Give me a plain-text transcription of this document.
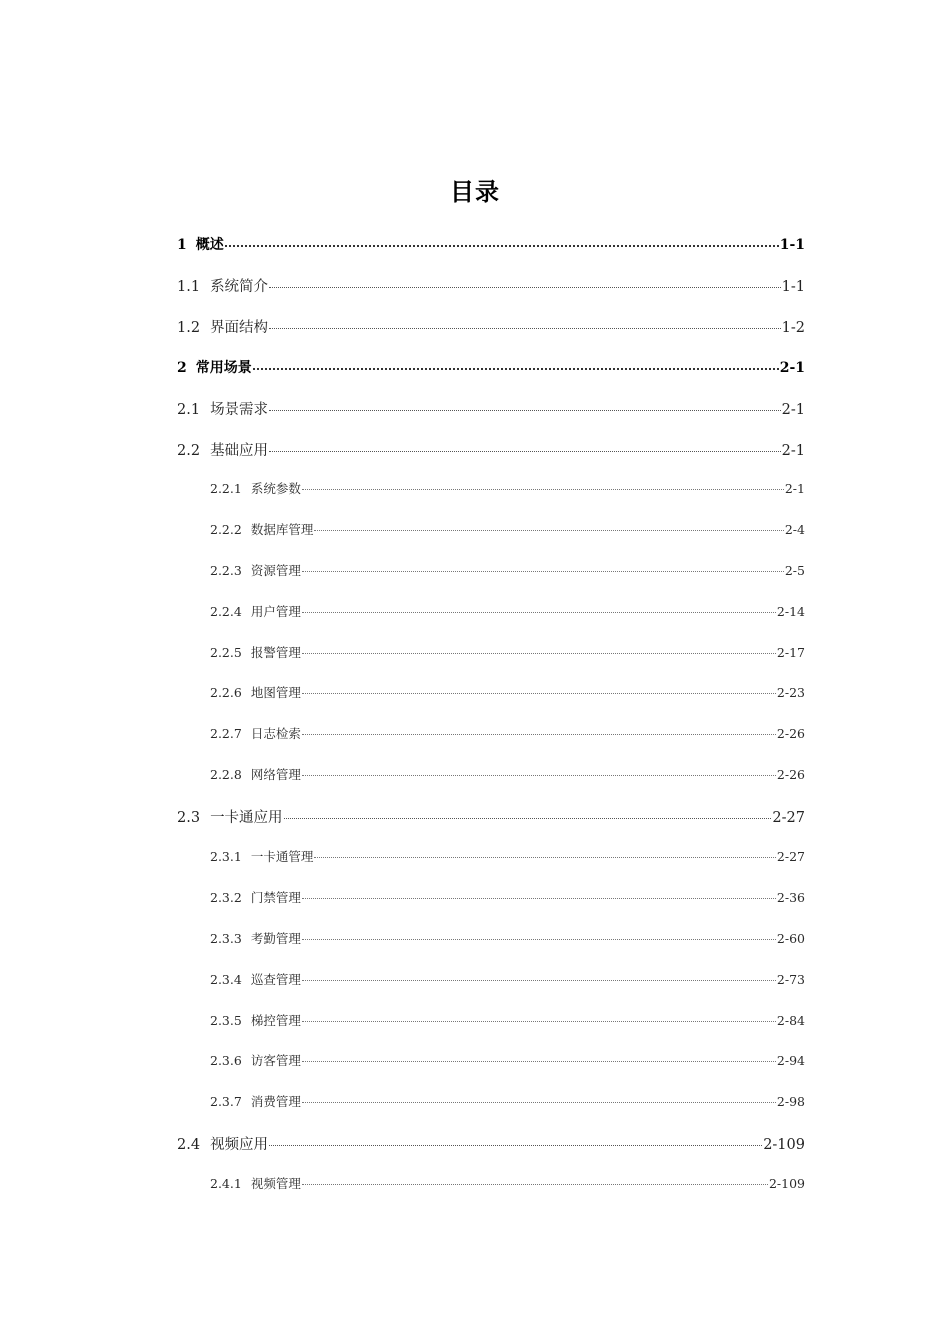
目录
1 概述	1-1
1.1 系统简介	1-1
1.2 界面结构	1-2
2 常用场景	2-1
2.1 场景需求	2-1
2.2 基础应用	2-1
2.2.1 系统参数	2-1
2.2.2 数据库管理	2-4
2.2.3 资源管理	2-5
2.2.4 用户管理	2-14
2.2.5 报警管理	2-17
2.2.6 地图管理	2-23
2.2.7 日志检索	2-26
2.2.8 网络管理	2-26
2.3 一卡通应用	2-27
2.3.1 一卡通管理	2-27
2.3.2 门禁管理	2-36
2.3.3 考勤管理	2-60
2.3.4 巡查管理	2-73
2.3.5 梯控管理	2-84
2.3.6 访客管理	2-94
2.3.7 消费管理	2-98
2.4 视频应用	2-109
2.4.1 视频管理	2-109
